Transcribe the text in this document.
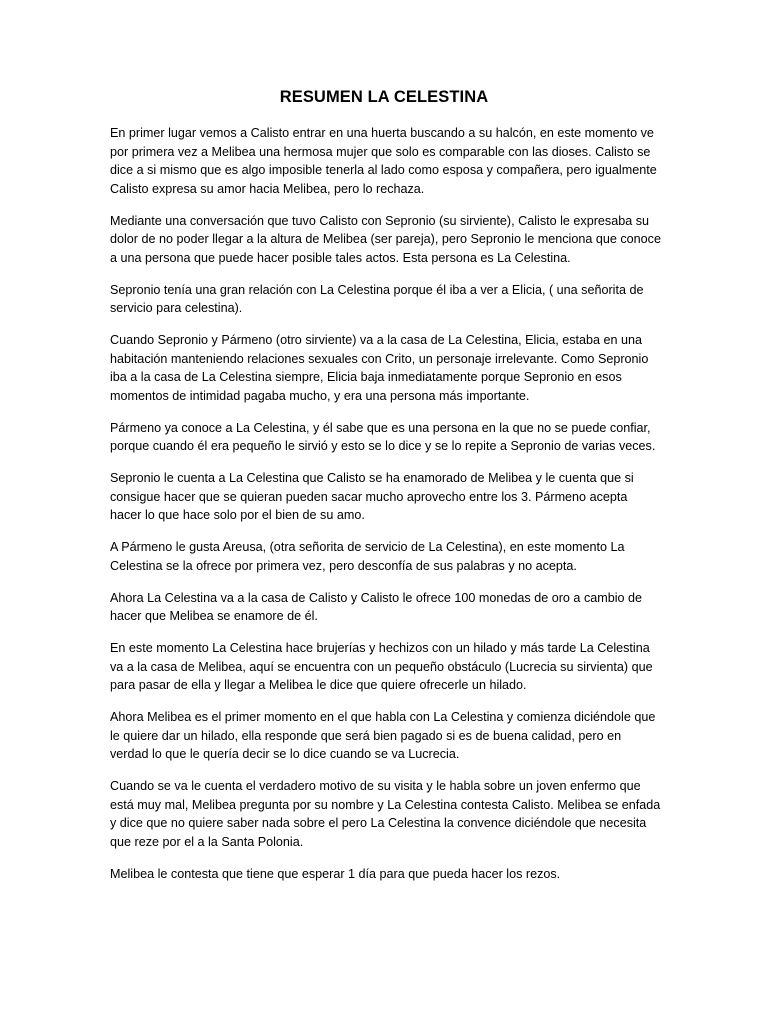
RESUMEN LA CELESTINA

En primer lugar vemos a Calisto entrar en una huerta buscando a su halcón, en este momento ve por primera vez a Melibea una hermosa mujer que solo es comparable con las dioses. Calisto se dice a si mismo que es algo imposible tenerla al lado como esposa y compañera, pero igualmente Calisto expresa su amor hacia Melibea, pero lo rechaza.

Mediante una conversación que tuvo Calisto con Sepronio (su sirviente), Calisto le expresaba su dolor de no poder llegar a la altura de Melibea (ser pareja), pero Sepronio le menciona que conoce a una persona que puede hacer posible tales actos. Esta persona es La Celestina.

Sepronio tenía una gran relación con La Celestina porque él iba a ver a Elicia, ( una señorita de servicio para celestina).

Cuando Sepronio y Pármeno (otro sirviente) va a la casa de La Celestina, Elicia, estaba en una habitación manteniendo relaciones sexuales con Crito, un personaje irrelevante. Como Sepronio iba a la casa de La Celestina siempre, Elicia baja inmediatamente porque Sepronio en esos momentos de intimidad pagaba mucho, y era una persona más importante.

Pármeno ya conoce a La Celestina, y él sabe que es una persona en la que no se puede confiar, porque cuando él era pequeño le sirvió y esto se lo dice y se lo repite a Sepronio de varias veces.

Sepronio le cuenta a La Celestina que Calisto se ha enamorado de Melibea y le cuenta que si consigue hacer que se quieran pueden sacar mucho aprovecho entre los 3. Pármeno acepta hacer lo que hace solo por el bien de su amo.

A Pármeno le gusta Areusa, (otra señorita de servicio de La Celestina), en este momento La Celestina se la ofrece por primera vez, pero desconfía de sus palabras y no acepta.

Ahora La Celestina va a la casa de Calisto y Calisto le ofrece 100 monedas de oro a cambio de hacer que Melibea se enamore de él.

En este momento La Celestina hace brujerías y hechizos con un hilado y más tarde La Celestina va a la casa de Melibea, aquí se encuentra con un pequeño obstáculo (Lucrecia su sirvienta) que para pasar de ella y llegar a Melibea le dice que quiere ofrecerle un hilado.

Ahora Melibea es el primer momento en el que habla con La Celestina y comienza diciéndole que le quiere dar un hilado, ella responde que será bien pagado si es de buena calidad, pero en verdad lo que le quería decir se lo dice cuando se va Lucrecia.

Cuando se va le cuenta el verdadero motivo de su visita y le habla sobre un joven enfermo que está muy mal, Melibea pregunta por su nombre y La Celestina contesta Calisto. Melibea se enfada y dice que no quiere saber nada sobre el pero La Celestina la convence diciéndole que necesita que reze por el a la Santa Polonia.

Melibea le contesta que tiene que esperar 1 día para que pueda hacer los rezos.
